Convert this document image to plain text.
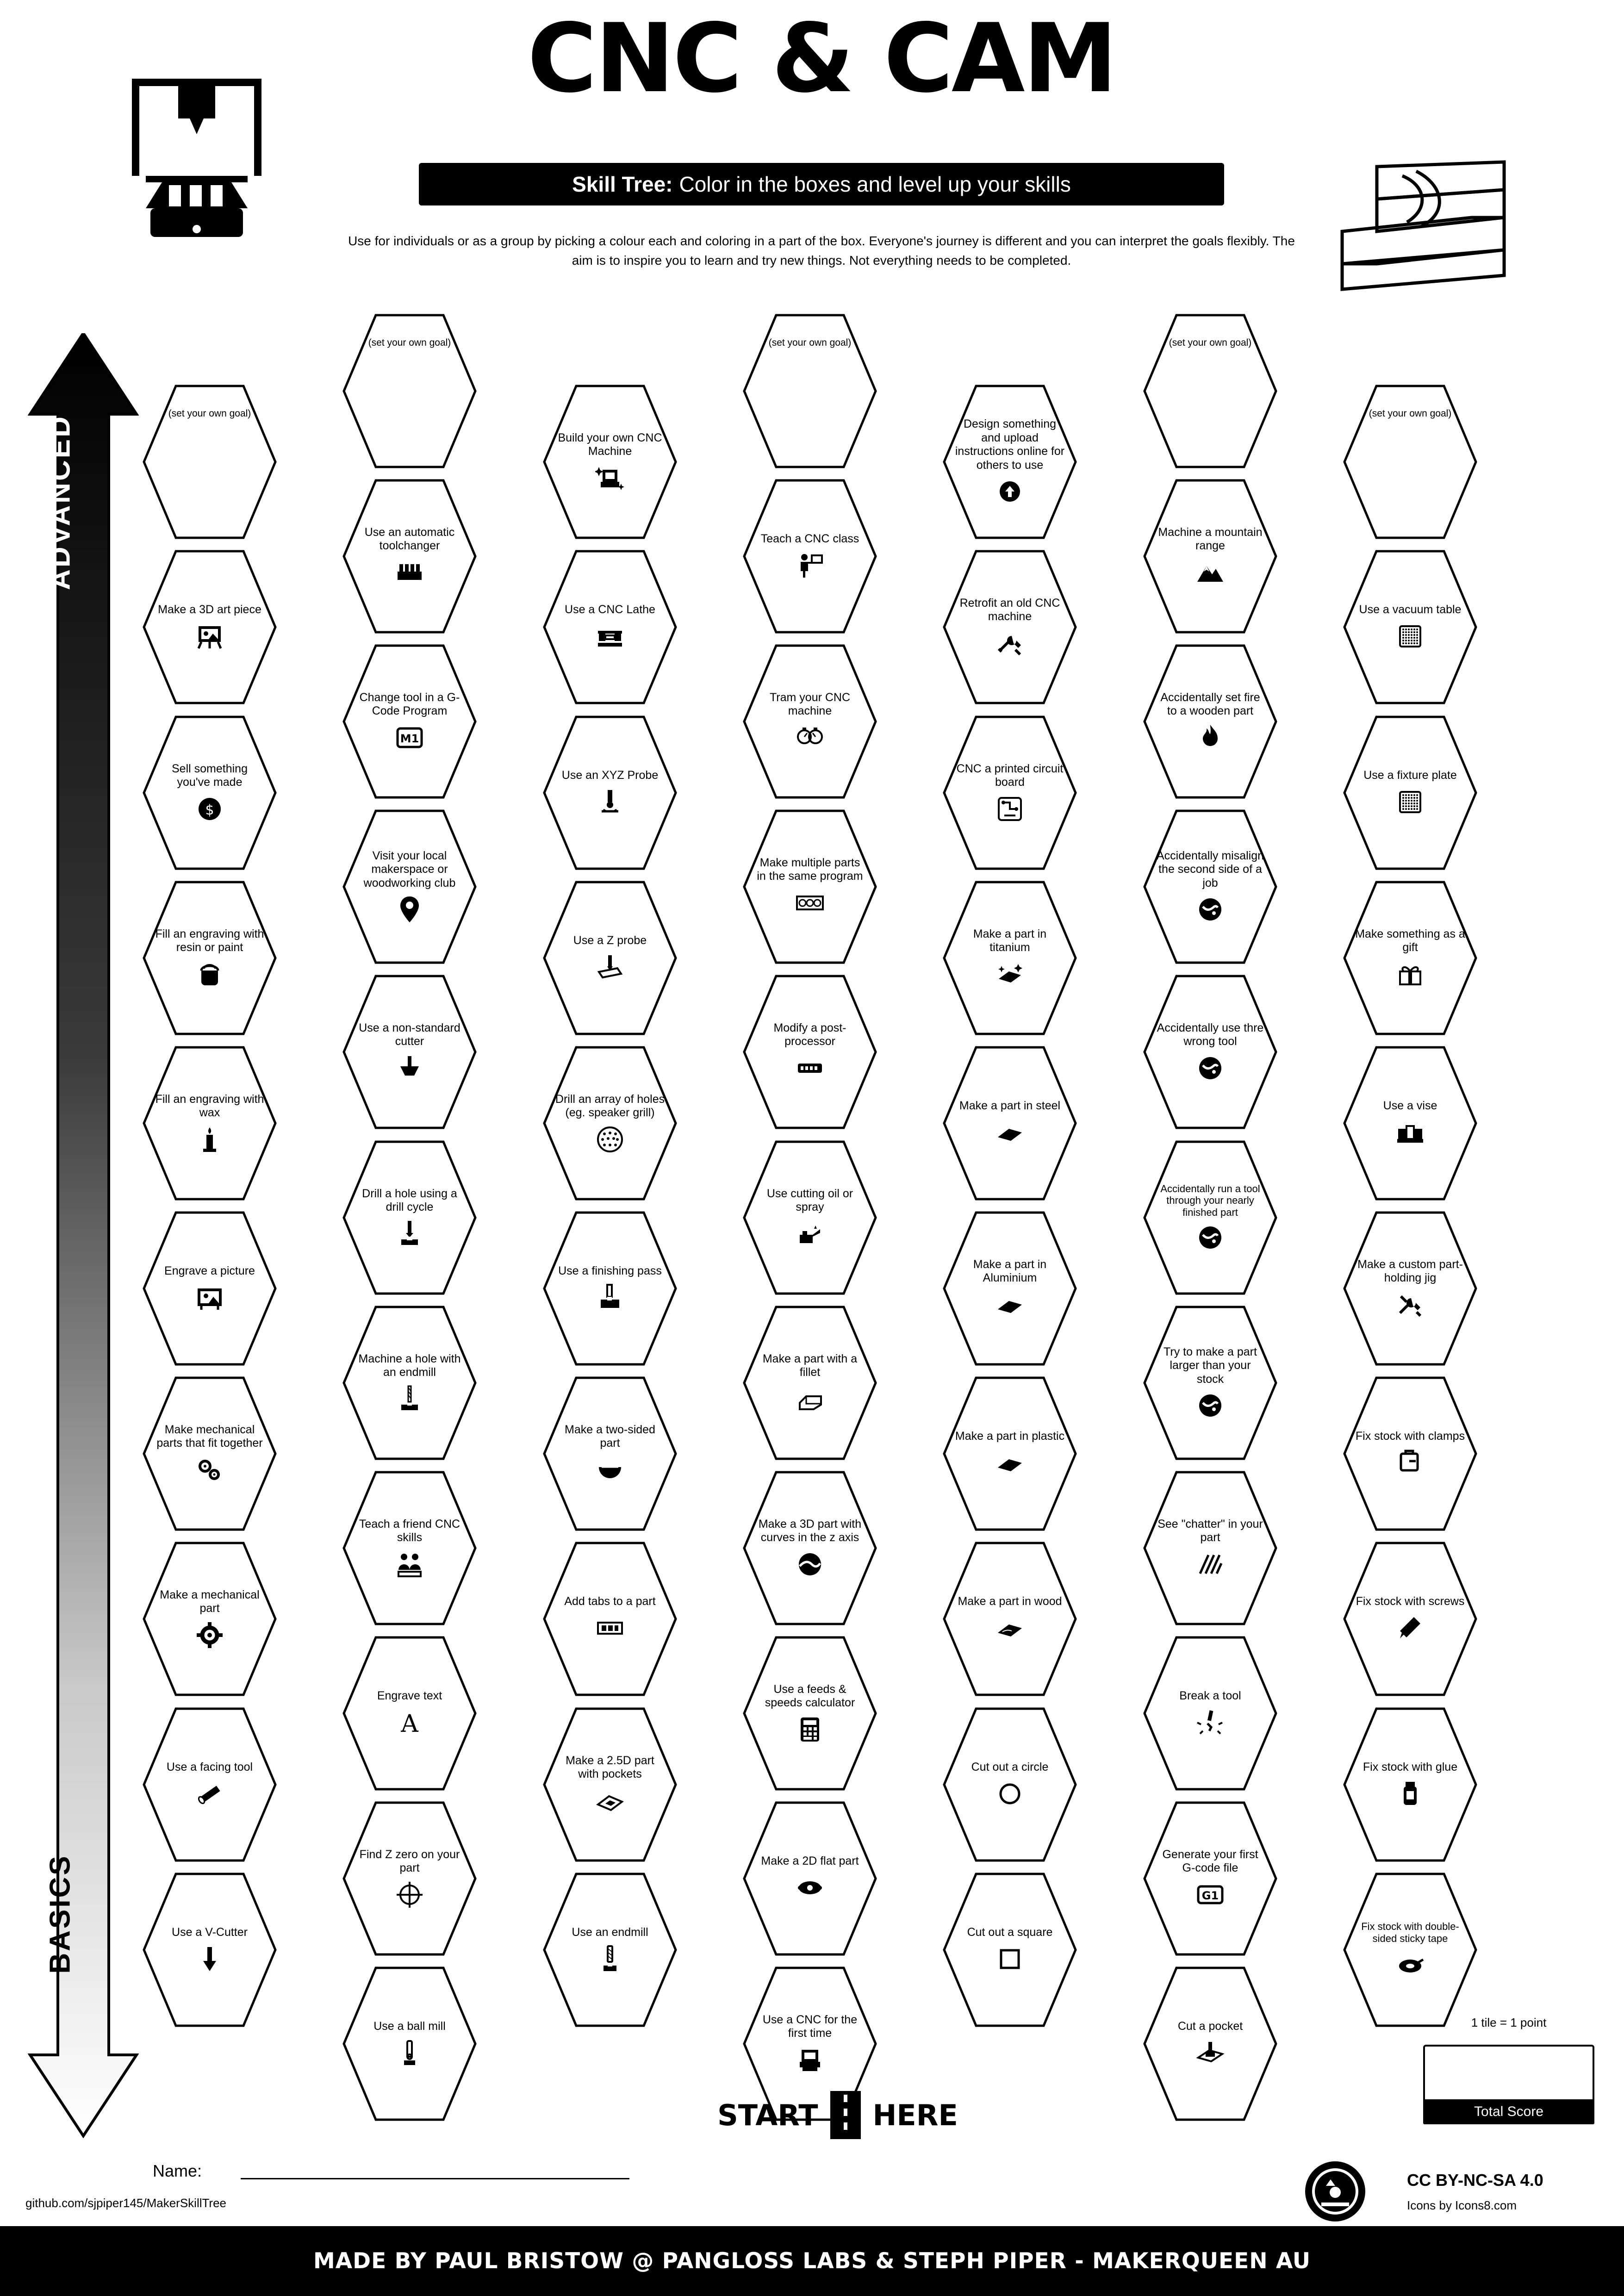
CNC & CAM
Skill Tree: Color in the boxes and level up your skills
Use for individuals or as a group by picking a colour each and coloring in a part of the box. Everyone's journey is different and you can interpret the goals flexibly. The aim is to inspire you to learn and try new things. Not everything needs to be completed.
ADVANCED
BASICS
(set your own goal)
Make a 3D art piece
Sell something you've made
$
Fill an engraving with resin or paint
Fill an engraving with wax
Engrave a picture
Make mechanical parts that fit together
Make a mechanical part
Use a facing tool
Use a V-Cutter
(set your own goal)
Use an automatic toolchanger
Change tool in a G-Code Program
M1
Visit your local makerspace or woodworking club
Use a non-standard cutter
Drill a hole using a drill cycle
Machine a hole with an endmill
Teach a friend CNC skills
Engrave text
A
Find Z zero on your part
Use a ball mill
Build your own CNC Machine
Use a CNC Lathe
Use an XYZ Probe
Use a Z probe
Drill an array of holes (eg. speaker grill)
Use a finishing pass
Make a two-sided part
Add tabs to a part
Make a 2.5D part with pockets
Use an endmill
(set your own goal)
Teach a CNC class
Tram your CNC machine
Make multiple parts in the same program
Modify a post-processor
Use cutting oil or spray
Make a part with a fillet
Make a 3D part with curves in the z axis
Use a feeds & speeds calculator
Make a 2D flat part
Use a CNC for the first time
Design something and upload instructions online for others to use
Retrofit an old CNC machine
CNC a printed circuit board
Make a part in titanium
Make a part in steel
Make a part in Aluminium
Make a part in plastic
Make a part in wood
Cut out a circle
Cut out a square
(set your own goal)
Machine a mountain range
Accidentally set fire to a wooden part
Accidentally misalign the second side of a job
Accidentally use thre wrong tool
Accidentally run a tool through your nearly finished part
Try to make a part larger than your stock
See "chatter" in your part
Break a tool
Generate your first G-code file
G1
Cut a pocket
(set your own goal)
Use a vacuum table
Use a fixture plate
Make something as a gift
Use a vise
Make a custom part-holding jig
Fix stock with clamps
Fix stock with screws
Fix stock with glue
Fix stock with double-sided sticky tape
START HERE
1 tile = 1 point
Total Score
Name:
github.com/sjpiper145/MakerSkillTree
CC BY-NC-SA 4.0
Icons by Icons8.com
MADE BY PAUL BRISTOW @ PANGLOSS LABS & STEPH PIPER - MAKERQUEEN AU
